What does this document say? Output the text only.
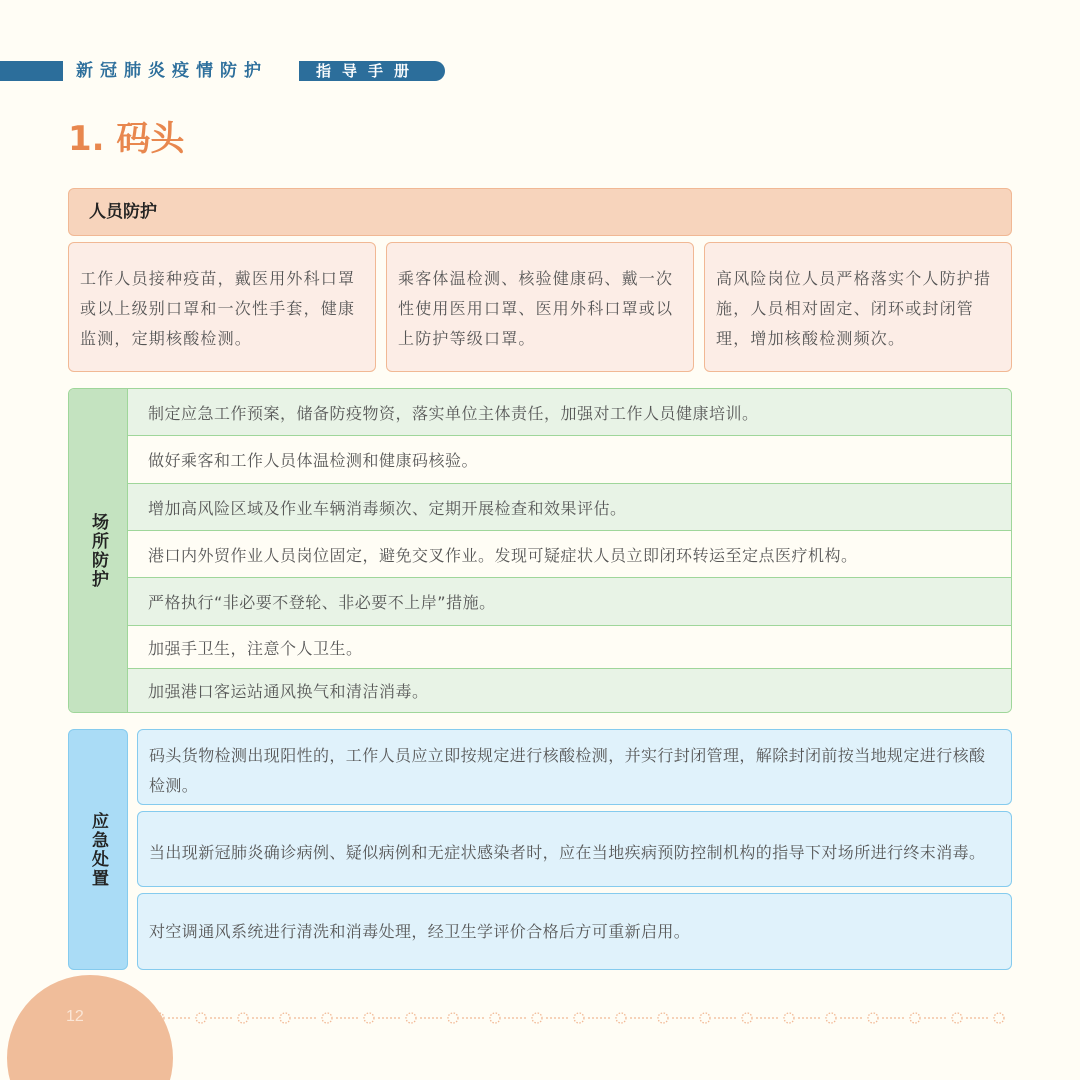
新冠肺炎疫情防护	指导手册
1. 码头
人员防护
工作人员接种疫苗，戴医用外科口罩或以上级别口罩和一次性手套，健康监测，定期核酸检测。
乘客体温检测、核验健康码、戴一次性使用医用口罩、医用外科口罩或以上防护等级口罩。
高风险岗位人员严格落实个人防护措施，人员相对固定、闭环或封闭管理，增加核酸检测频次。
场所防护
制定应急工作预案，储备防疫物资，落实单位主体责任，加强对工作人员健康培训。
做好乘客和工作人员体温检测和健康码核验。
增加高风险区域及作业车辆消毒频次、定期开展检查和效果评估。
港口内外贸作业人员岗位固定，避免交叉作业。发现可疑症状人员立即闭环转运至定点医疗机构。
严格执行“非必要不登轮、非必要不上岸”措施。
加强手卫生，注意个人卫生。
加强港口客运站通风换气和清洁消毒。
应急处置
码头货物检测出现阳性的，工作人员应立即按规定进行核酸检测，并实行封闭管理，解除封闭前按当地规定进行核酸检测。
当出现新冠肺炎确诊病例、疑似病例和无症状感染者时，应在当地疾病预防控制机构的指导下对场所进行终末消毒。
对空调通风系统进行清洗和消毒处理，经卫生学评价合格后方可重新启用。
12
